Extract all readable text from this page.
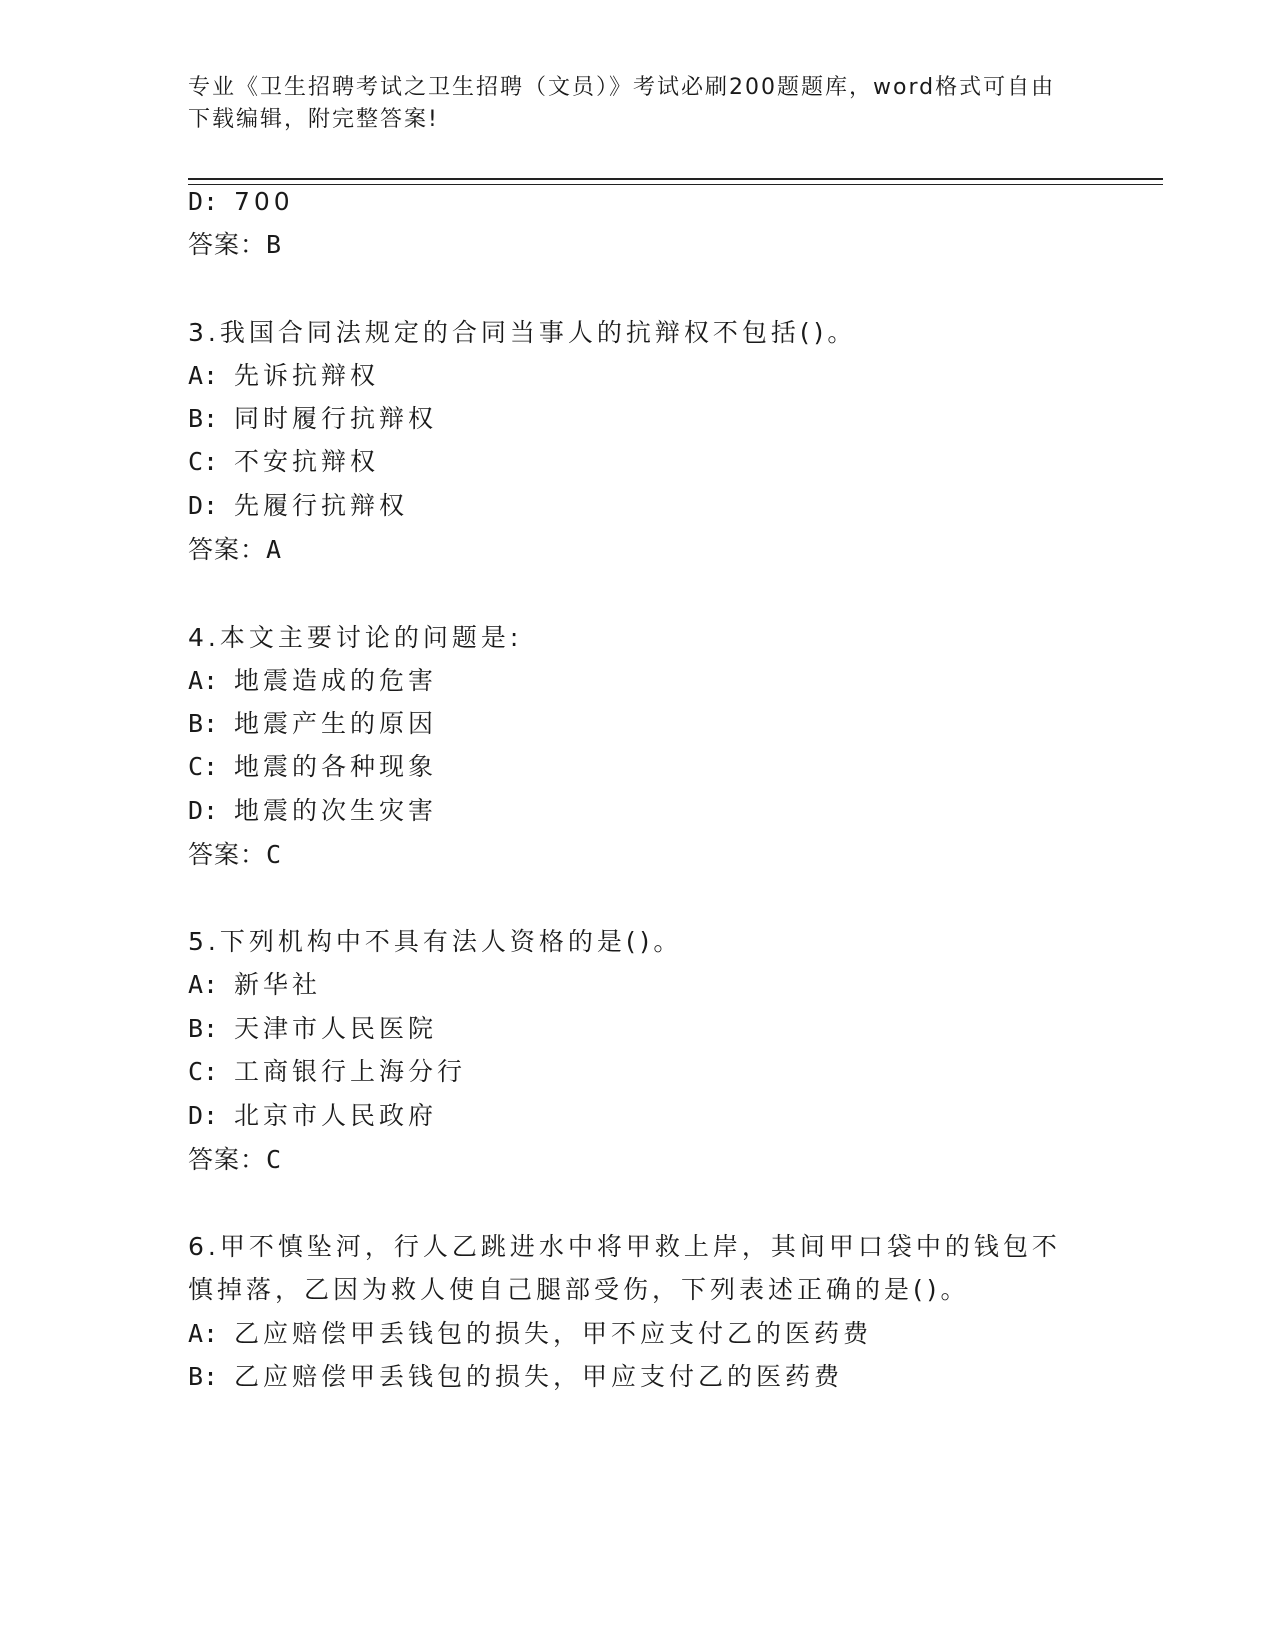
专业《卫生招聘考试之卫生招聘（文员）》考试必刷200题题库，word格式可自由下载编辑，附完整答案!
D: 700
答案：B
3.我国合同法规定的合同当事人的抗辩权不包括()。
A: 先诉抗辩权
B: 同时履行抗辩权
C: 不安抗辩权
D: 先履行抗辩权
答案：A
4.本文主要讨论的问题是:
A: 地震造成的危害
B: 地震产生的原因
C: 地震的各种现象
D: 地震的次生灾害
答案：C
5.下列机构中不具有法人资格的是()。
A: 新华社
B: 天津市人民医院
C: 工商银行上海分行
D: 北京市人民政府
答案：C
6.甲不慎坠河，行人乙跳进水中将甲救上岸，其间甲口袋中的钱包不
慎掉落，乙因为救人使自己腿部受伤，下列表述正确的是()。
A: 乙应赔偿甲丢钱包的损失，甲不应支付乙的医药费
B: 乙应赔偿甲丢钱包的损失，甲应支付乙的医药费
